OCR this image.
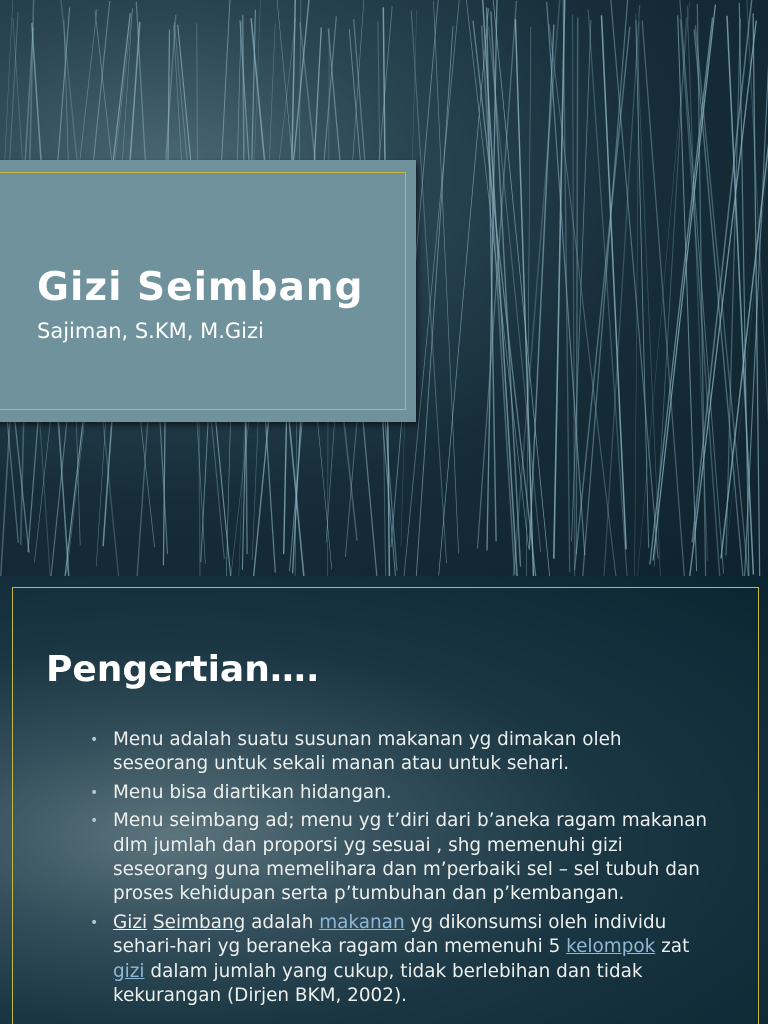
Gizi Seimbang

Sajiman, S.KM, M.Gizi

Pengertian….
• Menu adalah suatu susunan makanan yg dimakan oleh seseorang untuk sekali manan atau untuk sehari.
• Menu bisa diartikan hidangan.
• Menu seimbang ad; menu yg t’diri dari b’aneka ragam makanan dlm jumlah dan proporsi yg sesuai , shg memenuhi gizi seseorang guna memelihara dan m’perbaiki sel – sel tubuh dan proses kehidupan serta p’tumbuhan dan p’kembangan.
• Gizi Seimbang adalah makanan yg dikonsumsi oleh individu sehari-hari yg beraneka ragam dan memenuhi 5 kelompok zat gizi dalam jumlah yang cukup, tidak berlebihan dan tidak kekurangan (Dirjen BKM, 2002).
